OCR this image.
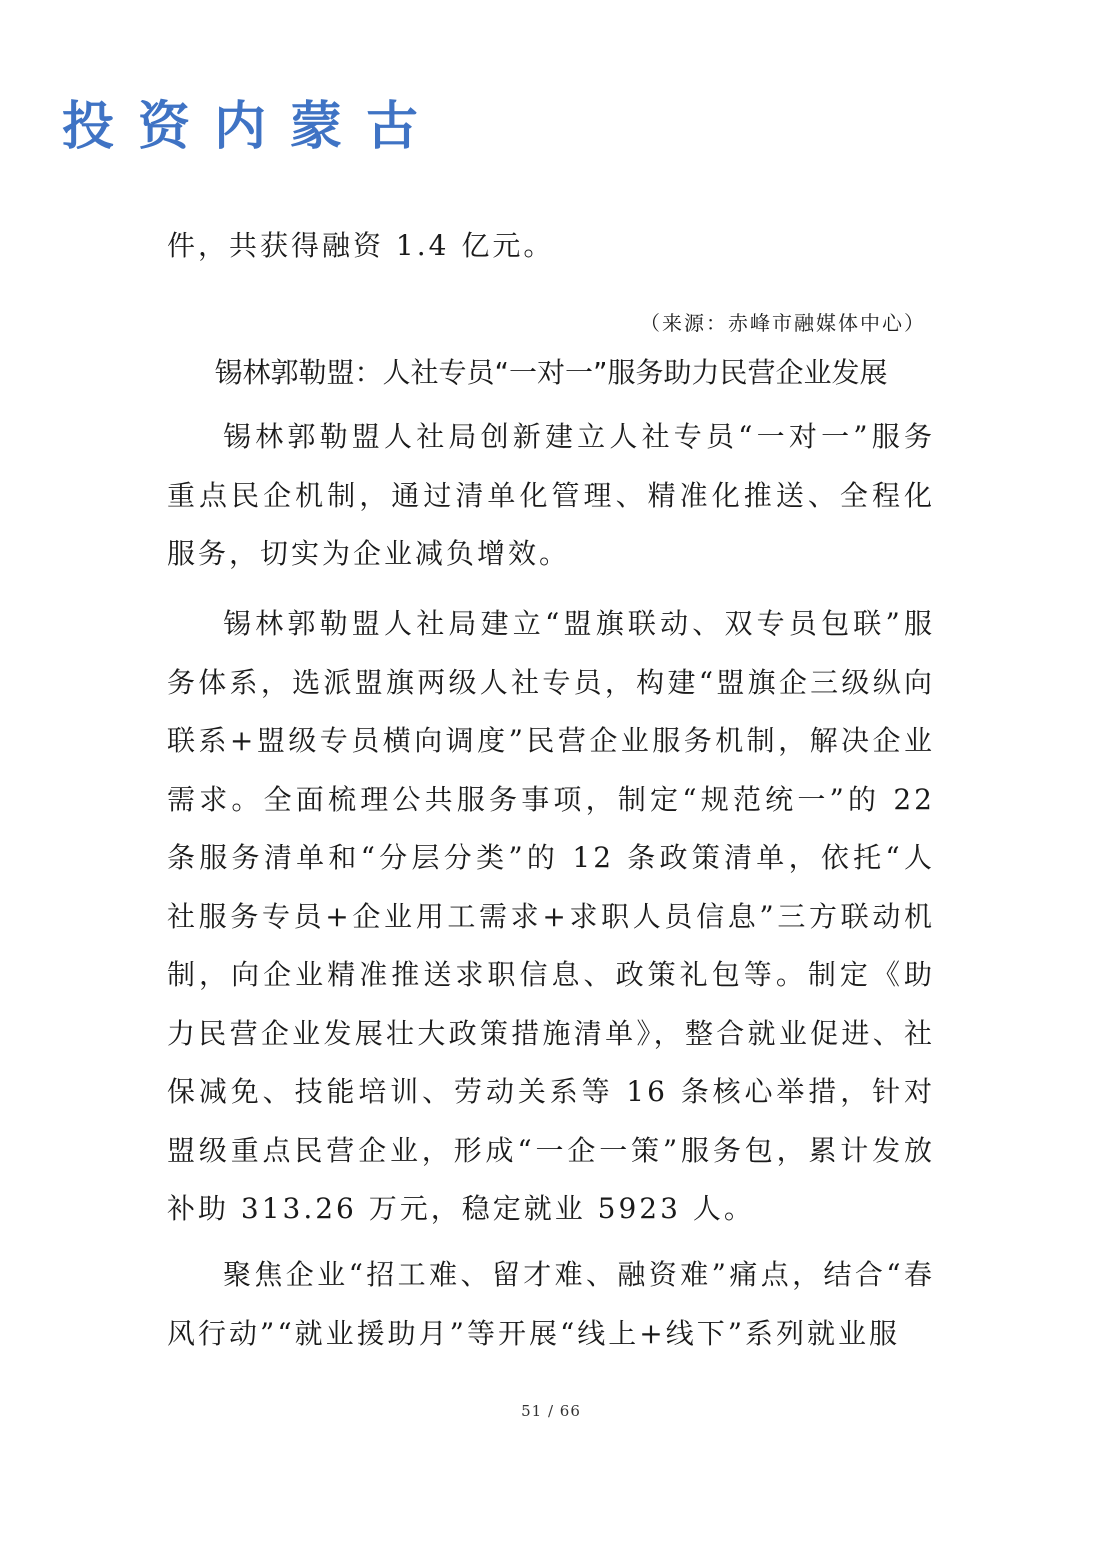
投资内蒙古
件，共获得融资 1.4 亿元。
（来源：赤峰市融媒体中心）
锡林郭勒盟：人社专员“一对一”服务助力民营企业发展
锡林郭勒盟人社局创新建立人社专员“一对一”服务重点民企机制，通过清单化管理、精准化推送、全程化服务，切实为企业减负增效。
锡林郭勒盟人社局建立“盟旗联动、双专员包联”服务体系，选派盟旗两级人社专员，构建“盟旗企三级纵向联系+盟级专员横向调度”民营企业服务机制，解决企业需求。全面梳理公共服务事项，制定“规范统一”的 22 条服务清单和“分层分类”的 12 条政策清单，依托“人社服务专员+企业用工需求+求职人员信息”三方联动机制，向企业精准推送求职信息、政策礼包等。制定《助力民营企业发展壮大政策措施清单》，整合就业促进、社保减免、技能培训、劳动关系等 16 条核心举措，针对盟级重点民营企业，形成“一企一策”服务包，累计发放补助 313.26 万元，稳定就业 5923 人。
聚焦企业“招工难、留才难、融资难”痛点，结合“春风行动”“就业援助月”等开展“线上+线下”系列就业服
51 / 66
